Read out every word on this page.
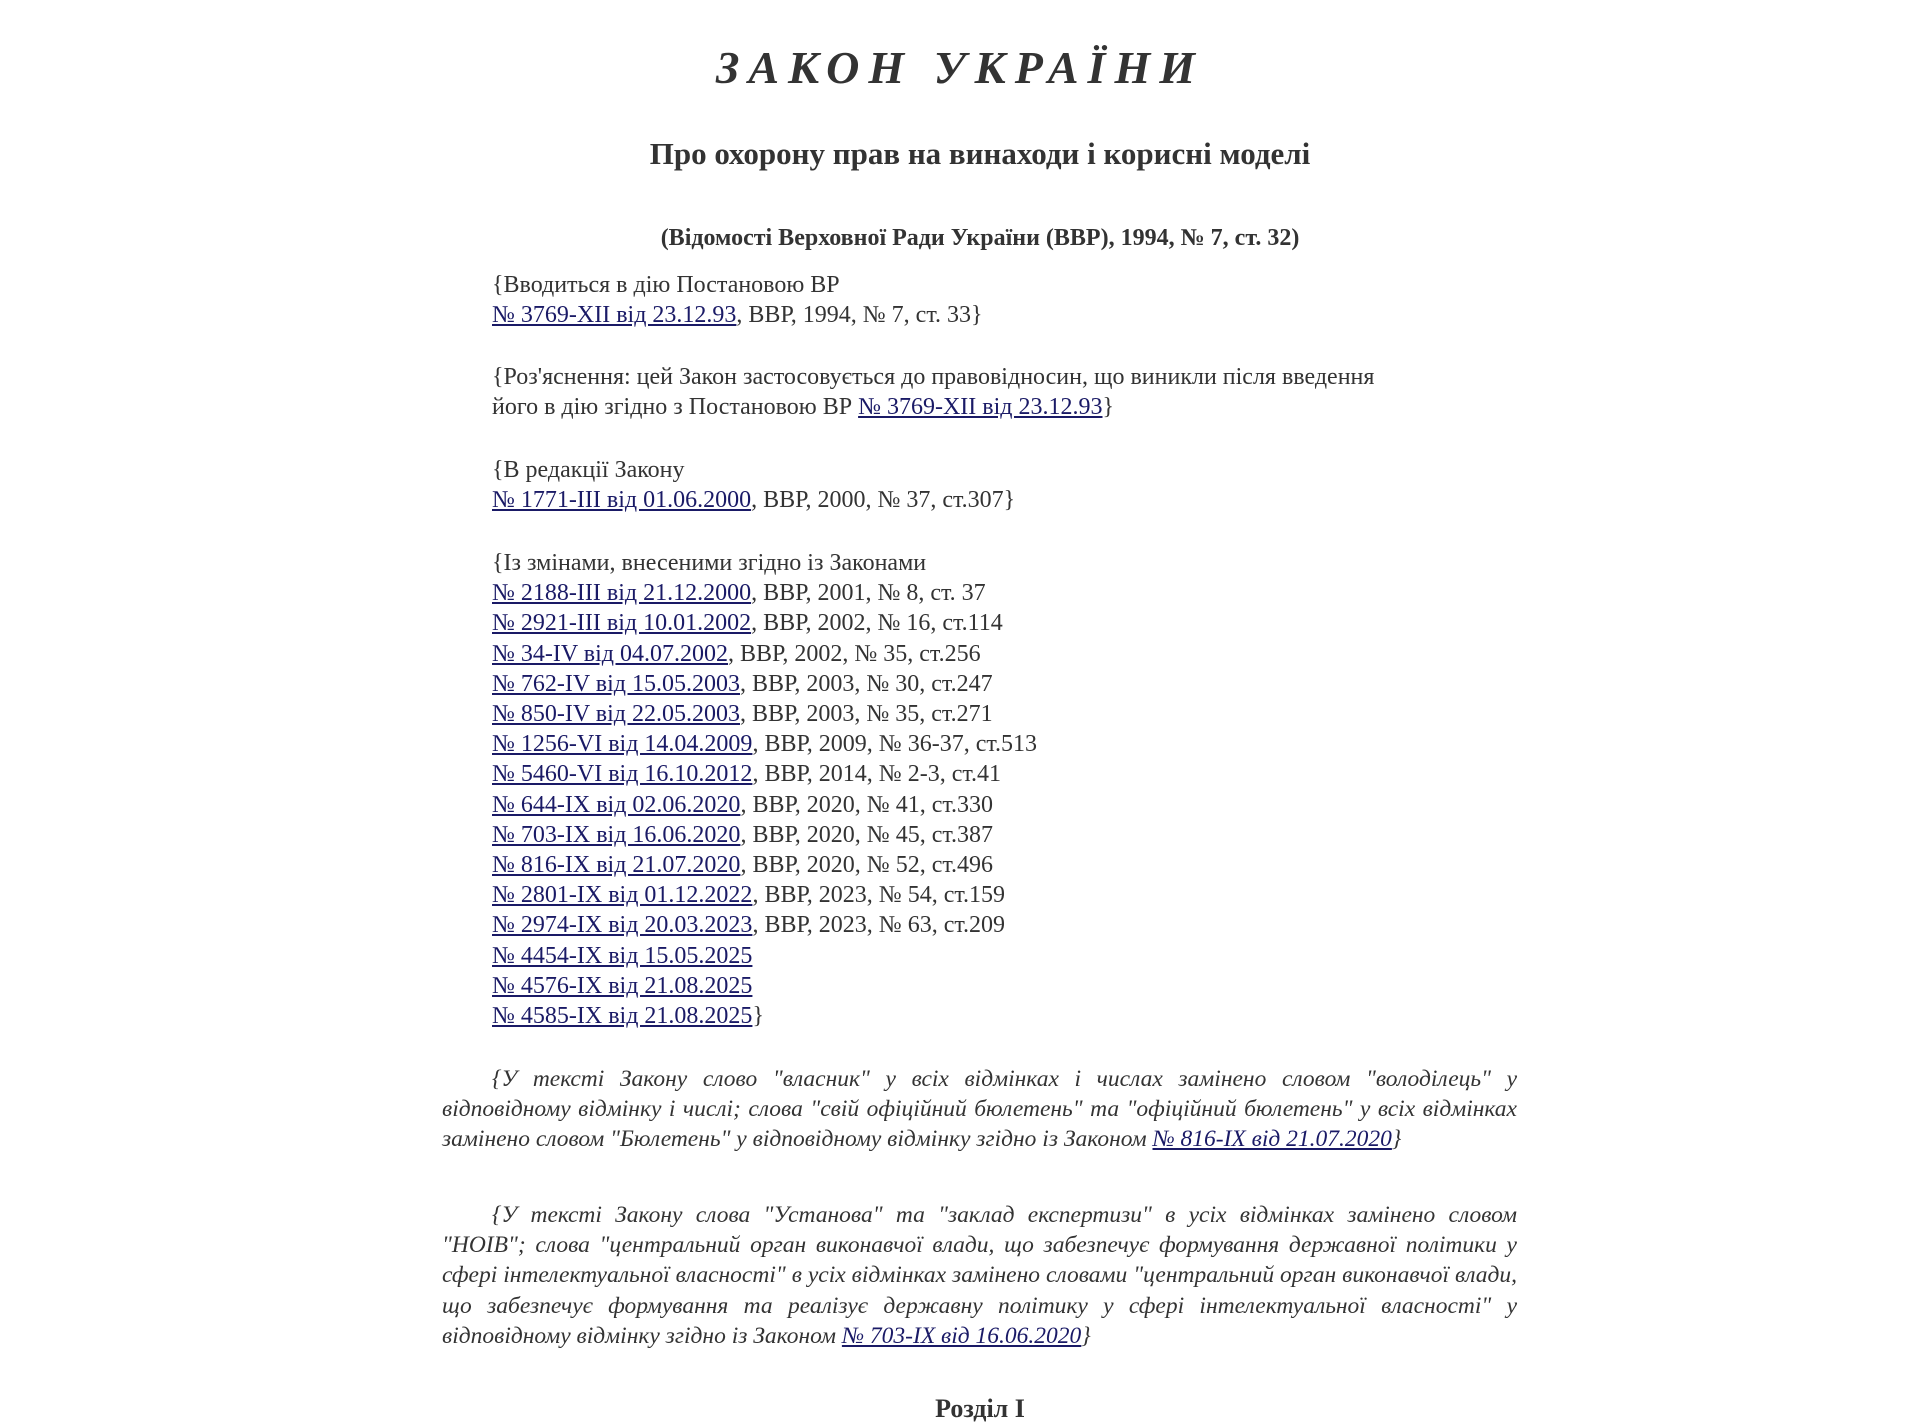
ЗАКОН УКРАЇНИ
Про охорону прав на винаходи і корисні моделі
(Відомості Верховної Ради України (ВВР), 1994, № 7, ст. 32)
{Вводиться в дію Постановою ВР
№ 3769-XII від 23.12.93, ВВР, 1994, № 7, ст. 33}
{Роз'яснення: цей Закон застосовується до правовідносин, що виникли після введення
його в дію згідно з Постановою ВР № 3769-XII від 23.12.93}
{В редакції Закону
№ 1771-III від 01.06.2000, ВВР, 2000, № 37, ст.307}
{Із змінами, внесеними згідно із Законами
№ 2188-III від 21.12.2000, ВВР, 2001, № 8, ст. 37
№ 2921-III від 10.01.2002, ВВР, 2002, № 16, ст.114
№ 34-IV від 04.07.2002, ВВР, 2002, № 35, ст.256
№ 762-IV від 15.05.2003, ВВР, 2003, № 30, ст.247
№ 850-IV від 22.05.2003, ВВР, 2003, № 35, ст.271
№ 1256-VI від 14.04.2009, ВВР, 2009, № 36-37, ст.513
№ 5460-VI від 16.10.2012, ВВР, 2014, № 2-3, ст.41
№ 644-IX від 02.06.2020, ВВР, 2020, № 41, ст.330
№ 703-IX від 16.06.2020, ВВР, 2020, № 45, ст.387
№ 816-IX від 21.07.2020, ВВР, 2020, № 52, ст.496
№ 2801-IX від 01.12.2022, ВВР, 2023, № 54, ст.159
№ 2974-IX від 20.03.2023, ВВР, 2023, № 63, ст.209
№ 4454-IX від 15.05.2025
№ 4576-IX від 21.08.2025
№ 4585-IX від 21.08.2025}
{У тексті Закону слово "власник" у всіх відмінках і числах замінено словом "володілець" у відповідному відмінку і числі; слова "свій офіційний бюлетень" та "офіційний бюлетень" у всіх відмінках замінено словом "Бюлетень" у відповідному відмінку згідно із Законом № 816-IX від 21.07.2020}
{У тексті Закону слова "Установа" та "заклад експертизи" в усіх відмінках замінено словом "НОІВ"; слова "центральний орган виконавчої влади, що забезпечує формування державної політики у сфері інтелектуальної власності" в усіх відмінках замінено словами "центральний орган виконавчої влади, що забезпечує формування та реалізує державну політику у сфері інтелектуальної власності" у відповідному відмінку згідно із Законом № 703-IX від 16.06.2020}
Розділ I
